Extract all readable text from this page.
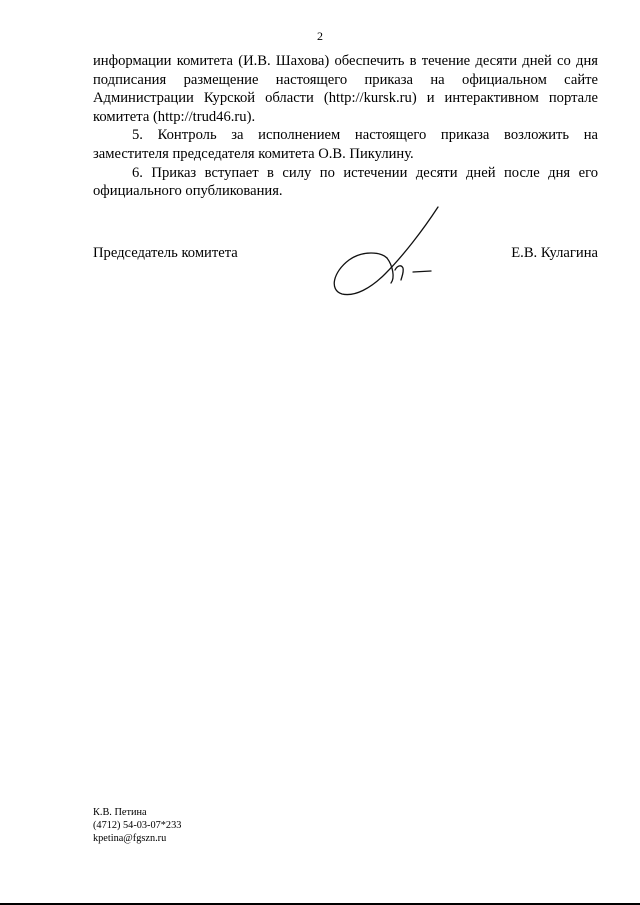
2

информации комитета (И.В. Шахова) обеспечить в течение десяти дней со дня подписания размещение настоящего приказа на официальном сайте Администрации Курской области (http://kursk.ru) и интерактивном портале комитета (http://trud46.ru).

5. Контроль за исполнением настоящего приказа возложить на заместителя председателя комитета О.В. Пикулину.

6. Приказ вступает в силу по истечении десяти дней после дня его официального опубликования.

Председатель комитета	Е.В. Кулагина
К.В. Петина
(4712) 54-03-07*233
kpetina@fgszn.ru
